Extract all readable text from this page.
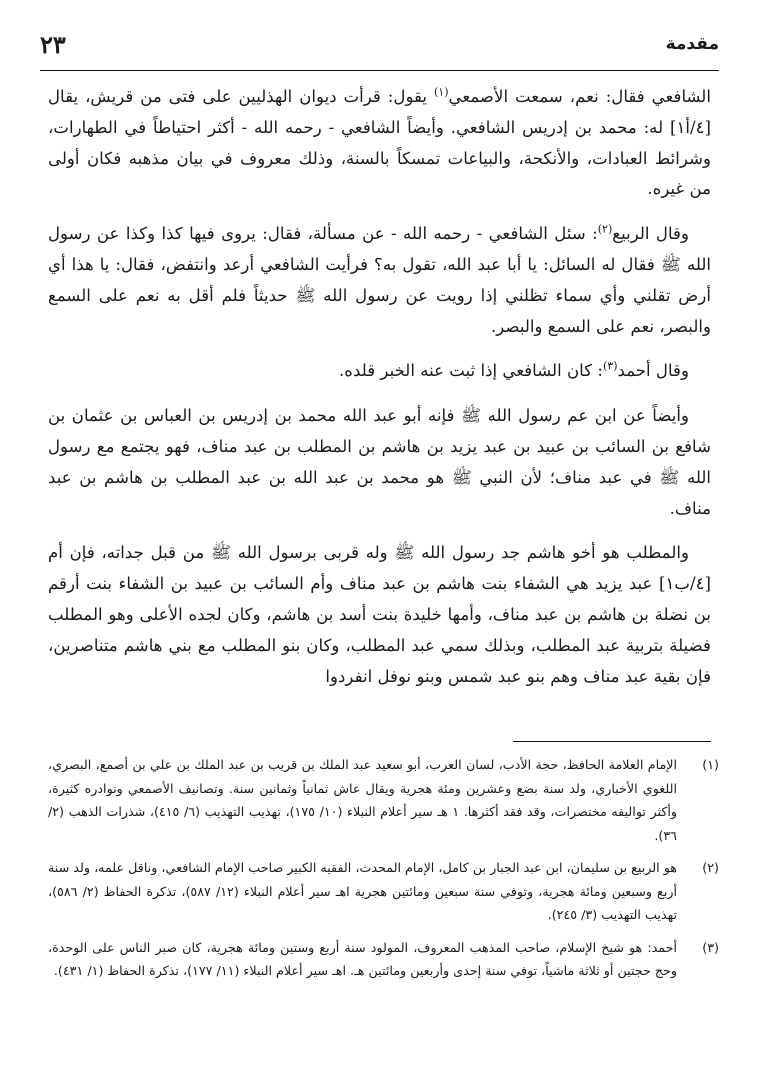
مقدمة
٢٣

الشافعي فقال: نعم، سمعت الأصمعي$^{(١)}$ يقول: قرأت ديوان الهذليين على فتى من قريش، يقال [٤/أ١] له: محمد بن إدريس الشافعي. وأيضاً الشافعي - رحمه الله - أكثر احتياطاً في الطهارات، وشرائط العبادات، والأنكحة، والبياعات تمسكاً بالسنة، وذلك معروف في بيان مذهبه فكان أولى من غيره.

وقال الربيع$^{(٢)}$: سئل الشافعي - رحمه الله - عن مسألة، فقال: يروى فيها كذا وكذا عن رسول الله ﷺ فقال له السائل: يا أبا عبد الله، تقول به؟ فرأيت الشافعي أرعد وانتفض، فقال: يا هذا أي أرض تقلني وأي سماء تظلني إذا رويت عن رسول الله ﷺ حديثاً فلم أقل به نعم على السمع والبصر، نعم على السمع والبصر.

وقال أحمد$^{(٣)}$: كان الشافعي إذا ثبت عنه الخبر قلده.

وأيضاً عن ابن عم رسول الله ﷺ فإنه أبو عبد الله محمد بن إدريس بن العباس بن عثمان بن شافع بن السائب بن عبيد بن عبد يزيد بن هاشم بن المطلب بن عبد مناف، فهو يجتمع مع رسول الله ﷺ في عبد مناف؛ لأن النبي ﷺ هو محمد بن عبد الله بن عبد المطلب بن هاشم بن عبد مناف.

والمطلب هو أخو هاشم جد رسول الله ﷺ وله قربى برسول الله ﷺ من قبل جداته، فإن أم [٤/ب١] عبد يزيد هي الشفاء بنت هاشم بن عبد مناف وأم السائب بن عبيد بن الشفاء بنت أرقم بن نضلة بن هاشم بن عبد مناف، وأمها خليدة بنت أسد بن هاشم، وكان لجده الأعلى وهو المطلب فضيلة بتربية عبد المطلب، وبذلك سمي عبد المطلب، وكان بنو المطلب مع بني هاشم متناصرين، فإن بقية عبد مناف وهم بنو عبد شمس وبنو نوفل انفردوا

(١)
الإمام العلامة الحافظ، حجة الأدب، لسان العرب، أبو سعيد عبد الملك بن قريب بن عبد الملك بن علي بن أصمع، البصري، اللغوي الأخباري، ولد سنة بضع وعشرين ومئة هجرية ويقال عاش ثمانياً وثمانين سنة. وتصانيف الأصمعي ونوادره كثيرة، وأكثر تواليفه مختصرات، وقد فقد أكثرها. ١ هـ سير أعلام النبلاء (١٠/ ١٧٥)، تهذيب التهذيب (٦/ ٤١٥)، شذرات الذهب (٢/ ٣٦).
(٢)
هو الربيع بن سليمان، ابن عبد الجبار بن كامل، الإمام المحدث، الفقيه الكبير صاحب الإمام الشافعي، وناقل علمه، ولد سنة أربع وسبعين ومائة هجرية، وتوفي سنة سبعين ومائتين هجرية اهـ سير أعلام النبلاء (١٢/ ٥٨٧)، تذكرة الحفاظ (٢/ ٥٨٦)، تهذيب التهذيب (٣/ ٢٤٥).
(٣)
أحمد: هو شيخ الإسلام، صاحب المذهب المعروف، المولود سنة أربع وستين ومائة هجرية، كان صبر الناس على الوحدة، وحج حجتين أو ثلاثة ماشياً، توفي سنة إحدى وأربعين ومائتين هـ. اهـ سير أعلام النبلاء (١١/ ١٧٧)، تذكرة الحفاظ (١/ ٤٣١).
